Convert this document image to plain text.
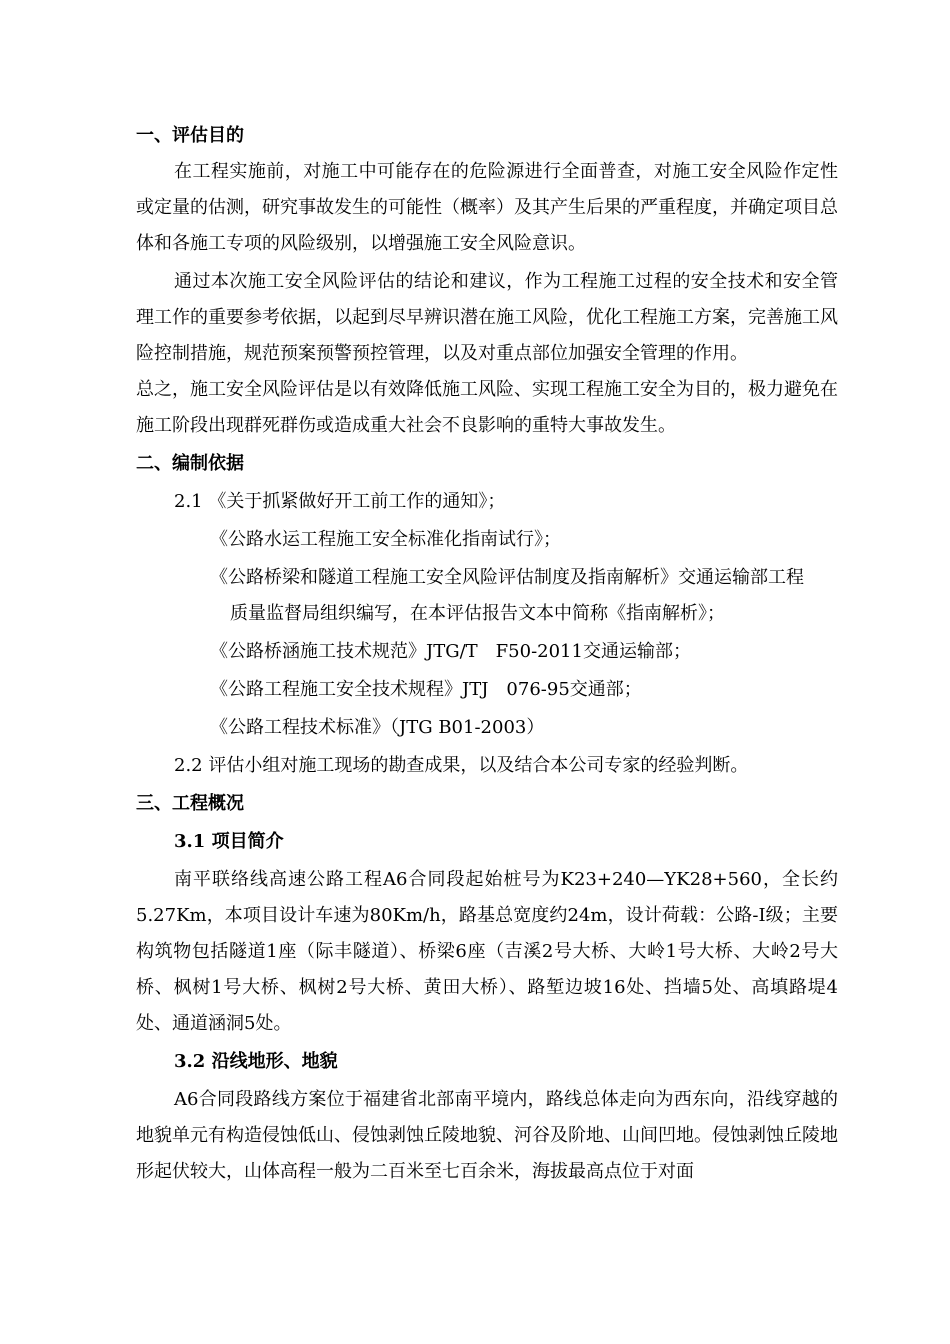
一、评估目的

在工程实施前，对施工中可能存在的危险源进行全面普查，对施工安全风险作定性或定量的估测，研究事故发生的可能性（概率）及其产生后果的严重程度，并确定项目总体和各施工专项的风险级别，以增强施工安全风险意识。

通过本次施工安全风险评估的结论和建议，作为工程施工过程的安全技术和安全管理工作的重要参考依据，以起到尽早辨识潜在施工风险，优化工程施工方案，完善施工风险控制措施，规范预案预警预控管理，以及对重点部位加强安全管理的作用。

总之，施工安全风险评估是以有效降低施工风险、实现工程施工安全为目的，极力避免在施工阶段出现群死群伤或造成重大社会不良影响的重特大事故发生。

二、编制依据

2.1 《关于抓紧做好开工前工作的通知》；

《公路水运工程施工安全标准化指南试行》；

《公路桥梁和隧道工程施工安全风险评估制度及指南解析》交通运输部工程
质量监督局组织编写，在本评估报告文本中简称《指南解析》；

《公路桥涵施工技术规范》JTG/T　F50-2011交通运输部；

《公路工程施工安全技术规程》JTJ　076-95交通部；

《公路工程技术标准》（JTG B01-2003）

2.2 评估小组对施工现场的勘查成果，以及结合本公司专家的经验判断。

三、工程概况

3.1 项目简介

南平联络线高速公路工程A6合同段起始桩号为K23+240—YK28+560，全长约5.27Km，本项目设计车速为80Km/h，路基总宽度约24m，设计荷载：公路-I级；主要构筑物包括隧道1座（际丰隧道）、桥梁6座（吉溪2号大桥、大岭1号大桥、大岭2号大桥、枫树1号大桥、枫树2号大桥、黄田大桥）、路堑边坡16处、挡墙5处、高填路堤4处、通道涵洞5处。

3.2 沿线地形、地貌

A6合同段路线方案位于福建省北部南平境内，路线总体走向为西东向，沿线穿越的地貌单元有构造侵蚀低山、侵蚀剥蚀丘陵地貌、河谷及阶地、山间凹地。侵蚀剥蚀丘陵地形起伏较大，山体高程一般为二百米至七百余米，海拔最高点位于对面
